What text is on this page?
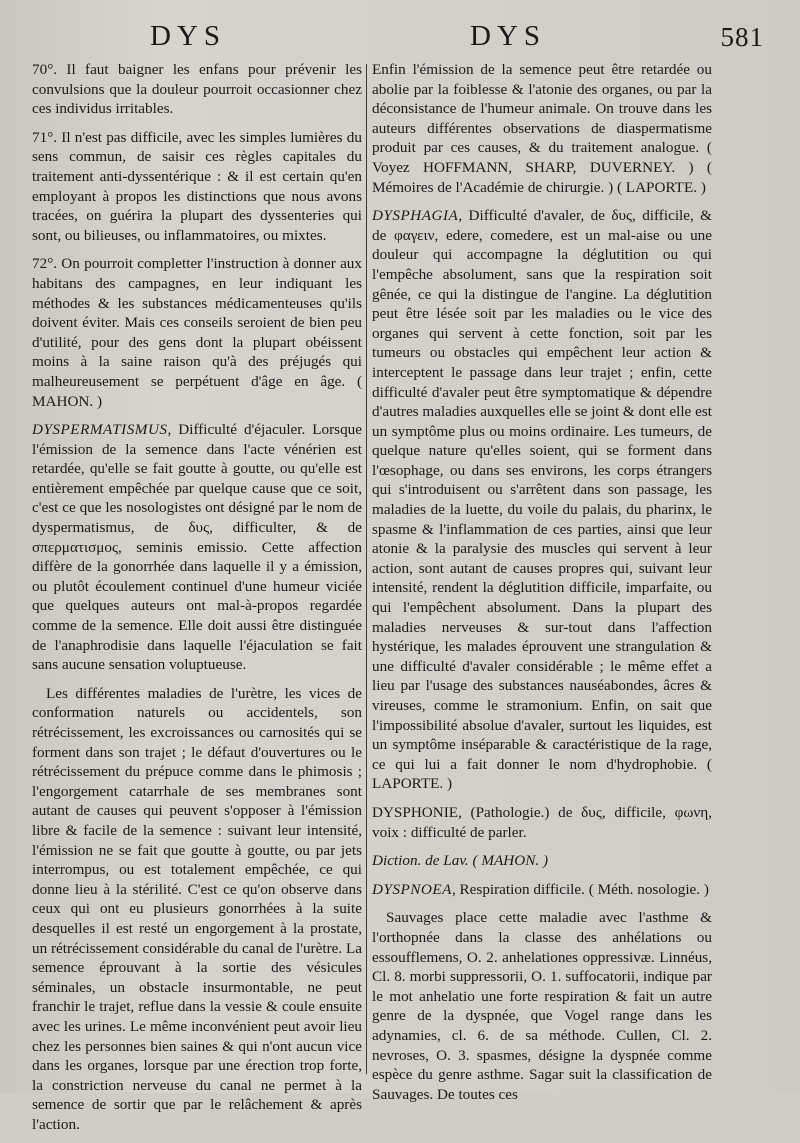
DYS	DYS	581

70°. Il faut baigner les enfans pour prévenir les convulsions que la douleur pourroit occasionner chez ces individus irritables.

71°. Il n'est pas difficile, avec les simples lumières du sens commun, de saisir ces règles capitales du traitement anti-dyssentérique : & il est certain qu'en employant à propos les distinctions que nous avons tracées, on guérira la plupart des dyssenteries qui sont, ou bilieuses, ou inflammatoires, ou mixtes.

72°. On pourroit completter l'instruction à donner aux habitans des campagnes, en leur indiquant les méthodes & les substances médicamenteuses qu'ils doivent éviter. Mais ces conseils seroient de bien peu d'utilité, pour des gens dont la plupart obéissent moins à la saine raison qu'à des préjugés qui malheureusement se perpétuent d'âge en âge. ( MAHON. )

DYSPERMATISMUS, Difficulté d'éjaculer. Lorsque l'émission de la semence dans l'acte vénérien est retardée, qu'elle se fait goutte à goutte, ou qu'elle est entièrement empêchée par quelque cause que ce soit, c'est ce que les nosologistes ont désigné par le nom de dyspermatismus, de δυς, difficulter, & de σπερματισμος, seminis emissio. Cette affection diffère de la gonorrhée dans laquelle il y a émission, ou plutôt écoulement continuel d'une humeur viciée que quelques auteurs ont mal-à-propos regardée comme de la semence. Elle doit aussi être distinguée de l'anaphrodisie dans laquelle l'éjaculation se fait sans aucune sensation voluptueuse.

Les différentes maladies de l'urètre, les vices de conformation naturels ou accidentels, son rétrécissement, les excroissances ou carnosités qui se forment dans son trajet ; le défaut d'ouvertures ou le rétrécissement du prépuce comme dans le phimosis ; l'engorgement catarrhale de ses membranes sont autant de causes qui peuvent s'opposer à l'émission libre & facile de la semence : suivant leur intensité, l'émission ne se fait que goutte à goutte, ou par jets interrompus, ou est totalement empêchée, ce qui donne lieu à la stérilité. C'est ce qu'on observe dans ceux qui ont eu plusieurs gonorrhées à la suite desquelles il est resté un engorgement à la prostate, un rétrécissement considérable du canal de l'urètre. La semence éprouvant à la sortie des vésicules séminales, un obstacle insurmontable, ne peut franchir le trajet, reflue dans la vessie & coule ensuite avec les urines. Le même inconvénient peut avoir lieu chez les personnes bien saines & qui n'ont aucun vice dans les organes, lorsque par une érection trop forte, la constriction nerveuse du canal ne permet à la semence de sortir que par le relâchement & après l'action.

Enfin l'émission de la semence peut être retardée ou abolie par la foiblesse & l'atonie des organes, ou par la déconsistance de l'humeur animale. On trouve dans les auteurs différentes observations de diaspermatisme produit par ces causes, & du traitement analogue. ( Voyez HOFFMANN, SHARP, DUVERNEY. ) ( Mémoires de l'Académie de chirurgie. ) ( LAPORTE. )

DYSPHAGIA, Difficulté d'avaler, de δυς, difficile, & de φαγειν, edere, comedere, est un mal-aise ou une douleur qui accompagne la déglutition ou qui l'empêche absolument, sans que la respiration soit gênée, ce qui la distingue de l'angine. La déglutition peut être lésée soit par les maladies ou le vice des organes qui servent à cette fonction, soit par les tumeurs ou obstacles qui empêchent leur action & interceptent le passage dans leur trajet ; enfin, cette difficulté d'avaler peut être symptomatique & dépendre d'autres maladies auxquelles elle se joint & dont elle est un symptôme plus ou moins ordinaire. Les tumeurs, de quelque nature qu'elles soient, qui se forment dans l'œsophage, ou dans ses environs, les corps étrangers qui s'introduisent ou s'arrêtent dans son passage, les maladies de la luette, du voile du palais, du pharinx, le spasme & l'inflammation de ces parties, ainsi que leur atonie & la paralysie des muscles qui servent à leur action, sont autant de causes propres qui, suivant leur intensité, rendent la déglutition difficile, imparfaite, ou qui l'empêchent absolument. Dans la plupart des maladies nerveuses & sur-tout dans l'affection hystérique, les malades éprouvent une strangulation & une difficulté d'avaler considérable ; le même effet a lieu par l'usage des substances nauséabondes, âcres & vireuses, comme le stramonium. Enfin, on sait que l'impossibilité absolue d'avaler, surtout les liquides, est un symptôme inséparable & caractéristique de la rage, ce qui lui a fait donner le nom d'hydrophobie. ( LAPORTE. )

DYSPHONIE, (Pathologie.) de δυς, difficile, φωνη, voix : difficulté de parler.

Diction. de Lav. ( MAHON. )

DYSPNOEA, Respiration difficile. ( Méth. nosologie. )

Sauvages place cette maladie avec l'asthme & l'orthopnée dans la classe des anhélations ou essoufflemens, O. 2. anhelationes oppressivæ. Linnéus, Cl. 8. morbi suppressorii, O. 1. suffocatorii, indique par le mot anhelatio une forte respiration & fait un autre genre de la dyspnée, que Vogel range dans les adynamies, cl. 6. de sa méthode. Cullen, Cl. 2. nevroses, O. 3. spasmes, désigne la dyspnée comme espèce du genre asthme. Sagar suit la classification de Sauvages. De toutes ces
